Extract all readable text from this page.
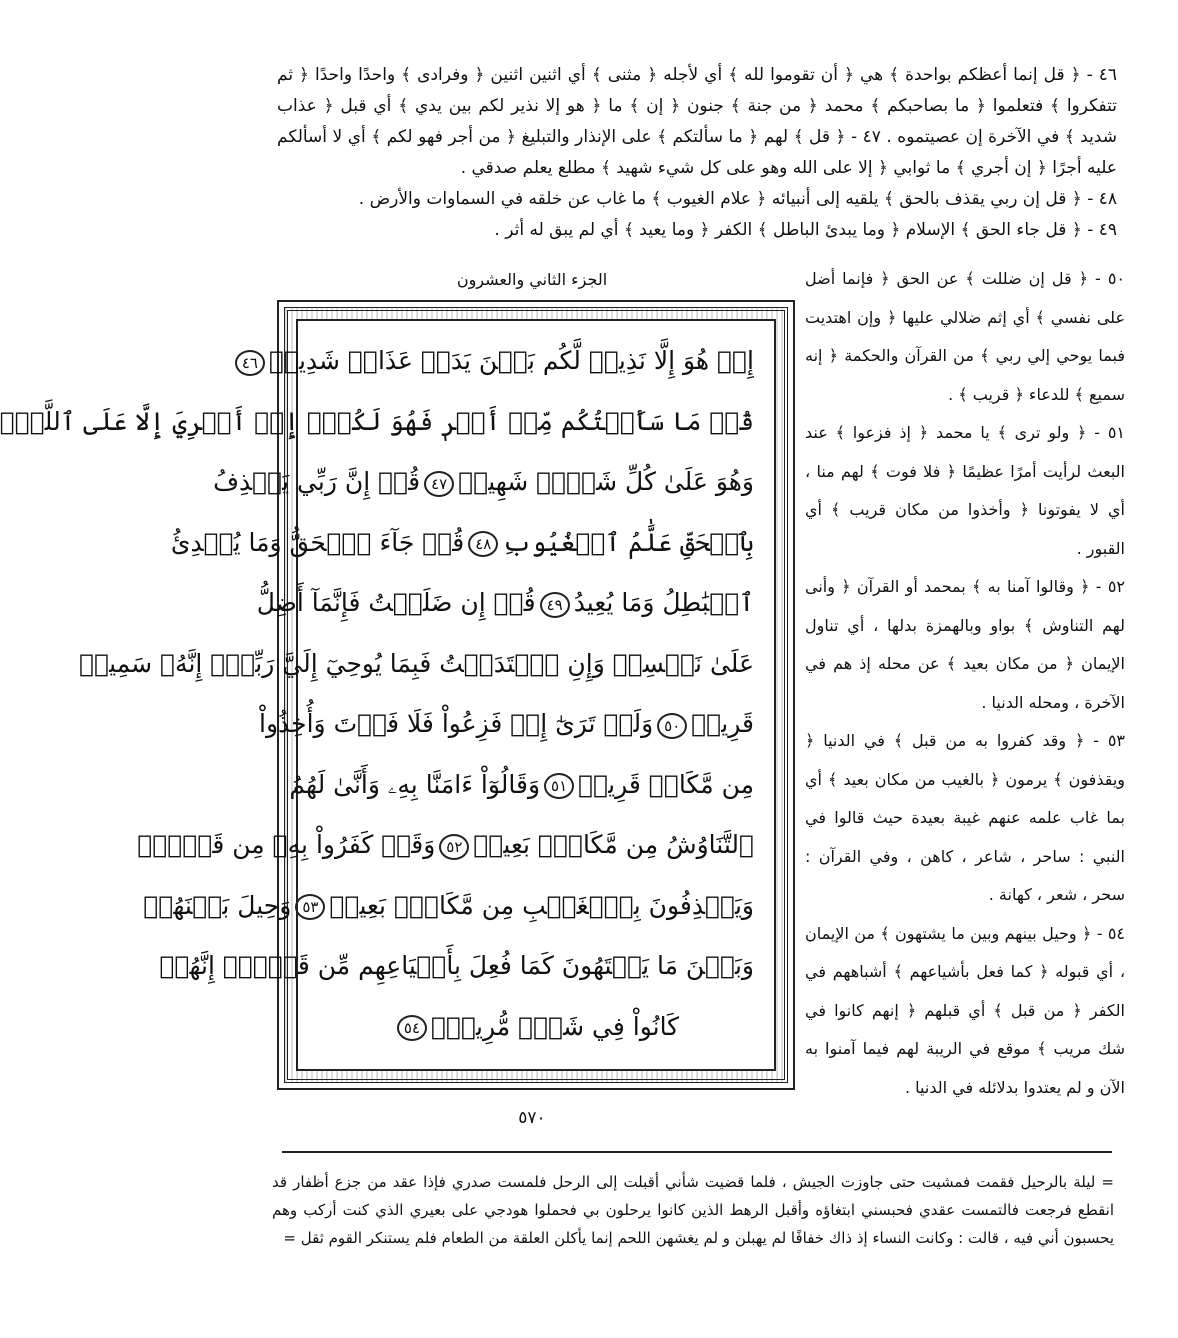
٤٦ - ﴿ قل إنما أعظكم بواحدة ﴾ هي ﴿ أن تقوموا لله ﴾ أي لأجله ﴿ مثنى ﴾ أي اثنين اثنين ﴿ وفرادى ﴾ واحدًا واحدًا ﴿ ثم تتفكروا ﴾ فتعلموا ﴿ ما بصاحبكم ﴾ محمد ﴿ من جنة ﴾ جنون ﴿ إن ﴾ ما ﴿ هو إلا نذير لكم بين يدي ﴾ أي قبل ﴿ عذاب شديد ﴾ في الآخرة إن عصيتموه . ٤٧ - ﴿ قل ﴾ لهم ﴿ ما سألتكم ﴾ على الإنذار والتبليغ ﴿ من أجر فهو لكم ﴾ أي لا أسألكم عليه أجرًا ﴿ إن أجري ﴾ ما ثوابي ﴿ إلا على الله وهو على كل شيء شهيد ﴾ مطلع يعلم صدقي .

٤٨ - ﴿ قل إن ربي يقذف بالحق ﴾ يلقيه إلى أنبيائه ﴿ علام الغيوب ﴾ ما غاب عن خلقه في السماوات والأرض .

٤٩ - ﴿ قل جاء الحق ﴾ الإسلام ﴿ وما يبدئ الباطل ﴾ الكفر ﴿ وما يعيد ﴾ أي لم يبق له أثر .

الجزء الثاني والعشرون
إِنۡ هُوَ إِلَّا نَذِيرٞ لَّكُم بَيۡنَ يَدَيۡ عَذَابٖ شَدِيدٖ٤٦
قُلۡ مَا سَأَلۡتُكُم مِّنۡ أَجۡرٖ فَهُوَ لَكُمۡۖ إِنۡ أَجۡرِيَ إِلَّا عَلَى ٱللَّهِۖ
وَهُوَ عَلَىٰ كُلِّ شَيۡءٖ شَهِيدٞ٤٧قُلۡ إِنَّ رَبِّي يَقۡذِفُ
بِٱلۡحَقِّ عَلَّٰمُ ٱلۡغُيُوبِ٤٨قُلۡ جَآءَ ٱلۡحَقُّ وَمَا يُبۡدِئُ
ٱلۡبَٰطِلُ وَمَا يُعِيدُ٤٩قُلۡ إِن ضَلَلۡتُ فَإِنَّمَآ أَضِلُّ
عَلَىٰ نَفۡسِيۖ وَإِنِ ٱهۡتَدَيۡتُ فَبِمَا يُوحِيٓ إِلَيَّ رَبِّيٓۚ إِنَّهُۥ سَمِيعٞ
قَرِيبٞ٥٠وَلَوۡ تَرَىٰٓ إِذۡ فَزِعُواْ فَلَا فَوۡتَ وَأُخِذُواْ
مِن مَّكَانٖ قَرِيبٖ٥١وَقَالُوٓاْ ءَامَنَّا بِهِۦ وَأَنَّىٰ لَهُمُ
ٱلتَّنَاوُشُ مِن مَّكَانِۭ بَعِيدٖ٥٢وَقَدۡ كَفَرُواْ بِهِۦ مِن قَبۡلُۖ
وَيَقۡذِفُونَ بِٱلۡغَيۡبِ مِن مَّكَانِۭ بَعِيدٖ٥٣وَحِيلَ بَيۡنَهُمۡ
وَبَيۡنَ مَا يَشۡتَهُونَ كَمَا فُعِلَ بِأَشۡيَاعِهِم مِّن قَبۡلُۚ إِنَّهُمۡ
كَانُواْ فِي شَكّٖ مُّرِيبِۭ٥٤

٥٠ - ﴿ قل إن ضللت ﴾ عن الحق ﴿ فإنما أضل على نفسي ﴾ أي إثم ضلالي عليها ﴿ وإن اهتديت فبما يوحي إلي ربي ﴾ من القرآن والحكمة ﴿ إنه سميع ﴾ للدعاء ﴿ قريب ﴾ .

٥١ - ﴿ ولو ترى ﴾ يا محمد ﴿ إذ فزعوا ﴾ عند البعث لرأيت أمرًا عظيمًا ﴿ فلا فوت ﴾ لهم منا ، أي لا يفوتونا ﴿ وأخذوا من مكان قريب ﴾ أي القبور .

٥٢ - ﴿ وقالوا آمنا به ﴾ بمحمد أو القرآن ﴿ وأنى لهم التناوش ﴾ بواو وبالهمزة بدلها ، أي تناول الإيمان ﴿ من مكان بعيد ﴾ عن محله إذ هم في الآخرة ، ومحله الدنيا .

٥٣ - ﴿ وقد كفروا به من قبل ﴾ في الدنيا ﴿ ويقذفون ﴾ يرمون ﴿ بالغيب من مكان بعيد ﴾ أي بما غاب علمه عنهم غيبة بعيدة حيث قالوا في النبي : ساحر ، شاعر ، كاهن ، وفي القرآن : سحر ، شعر ، كهانة .

٥٤ - ﴿ وحيل بينهم وبين ما يشتهون ﴾ من الإيمان ، أي قبوله ﴿ كما فعل بأشياعهم ﴾ أشباههم في الكفر ﴿ من قبل ﴾ أي قبلهم ﴿ إنهم كانوا في شك مريب ﴾ موقع في الريبة لهم فيما آمنوا به الآن و لم يعتدوا بدلائله في الدنيا .

٥٧٠

= ليلة بالرحيل فقمت فمشيت حتى جاوزت الجيش ، فلما قضيت شأني أقبلت إلى الرحل فلمست صدري فإذا عقد من جزع أظفار قد انقطع فرجعت فالتمست عقدي فحبسني ابتغاؤه وأقبل الرهط الذين كانوا يرحلون بي فحملوا هودجي على بعيري الذي كنت أركب وهم يحسبون أني فيه ، قالت : وكانت النساء إذ ذاك خفافًا لم يهبلن و لم يغشهن اللحم إنما يأكلن العلقة من الطعام فلم يستنكر القوم ثقل =
